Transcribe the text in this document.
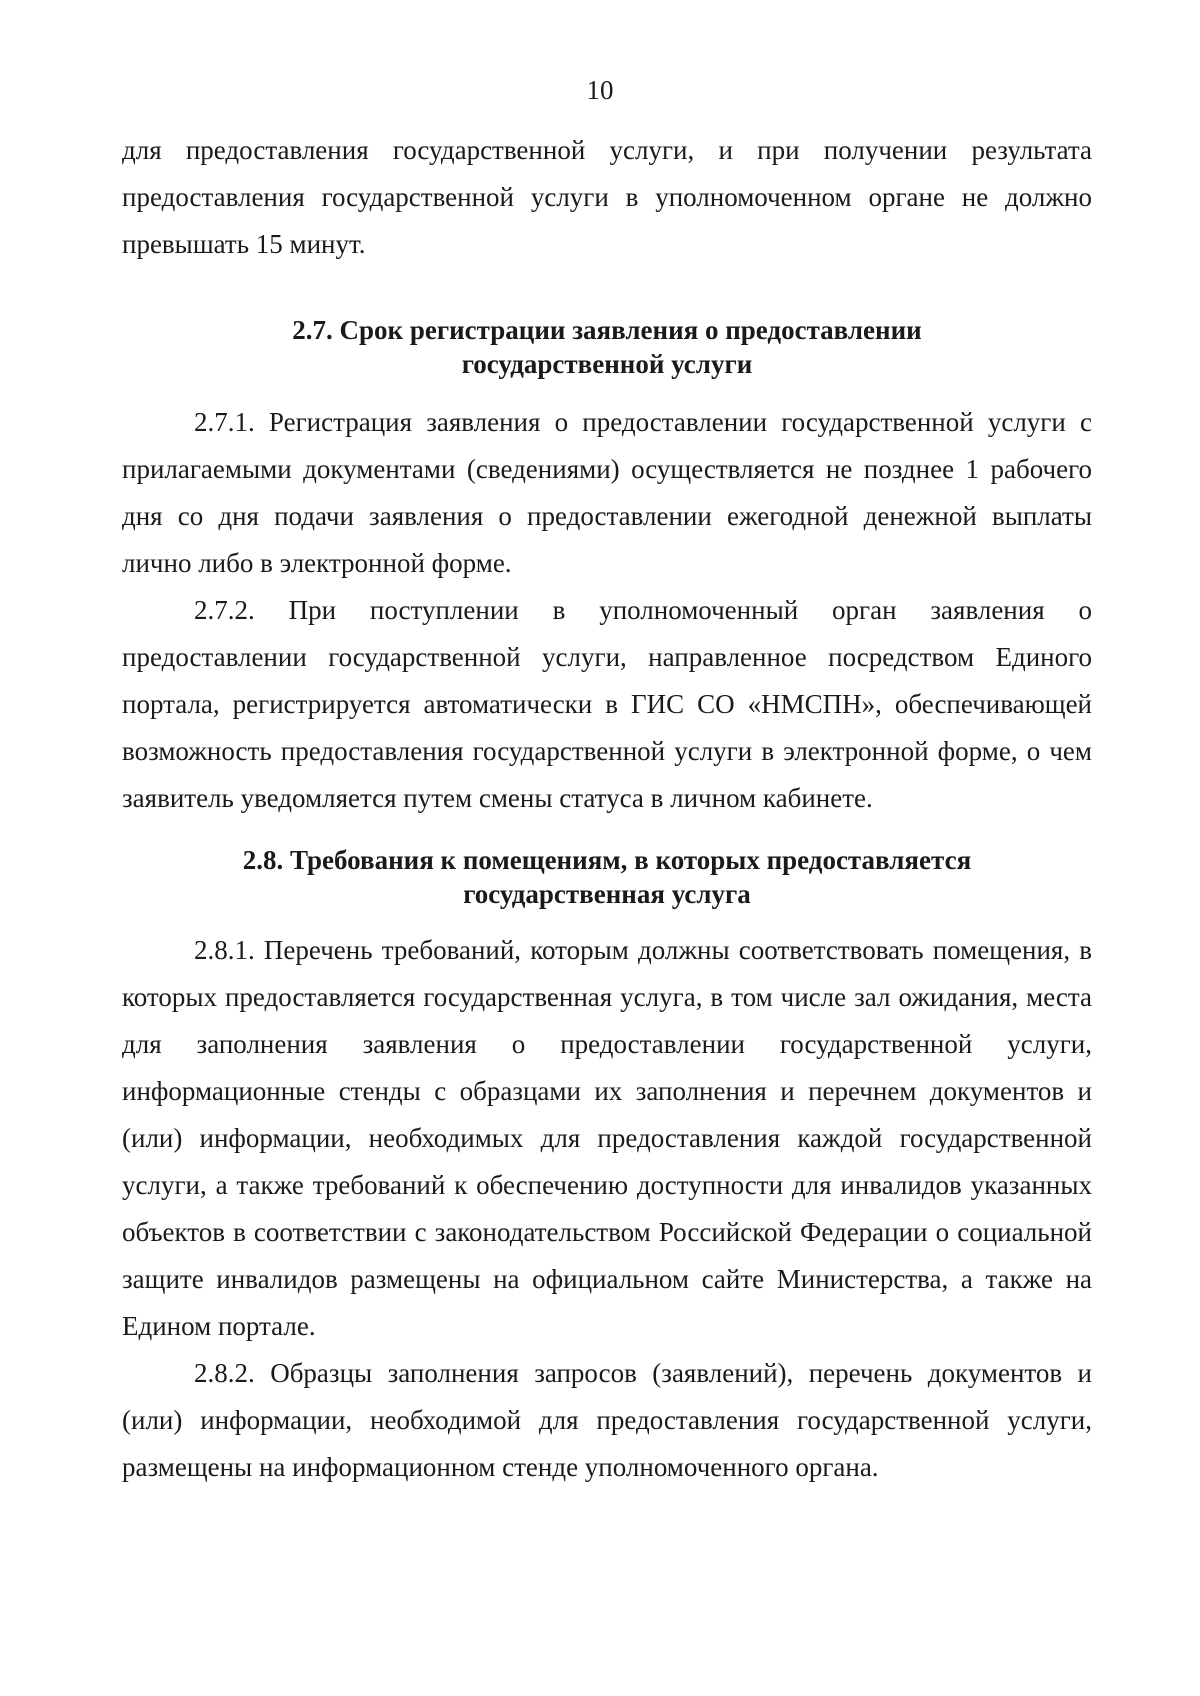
10

для предоставления государственной услуги, и при получении результата предоставления государственной услуги в уполномоченном органе не должно превышать 15 минут.

2.7. Срок регистрации заявления о предоставлении
государственной услуги

2.7.1. Регистрация заявления о предоставлении государственной услуги с прилагаемыми документами (сведениями) осуществляется не позднее 1 рабочего дня со дня подачи заявления о предоставлении ежегодной денежной выплаты лично либо в электронной форме.

2.7.2. При поступлении в уполномоченный орган заявления о предоставлении государственной услуги, направленное посредством Единого портала, регистрируется автоматически в ГИС СО «НМСПН», обеспечивающей возможность предоставления государственной услуги в электронной форме, о чем заявитель уведомляется путем смены статуса в личном кабинете.

2.8. Требования к помещениям, в которых предоставляется
государственная услуга

2.8.1. Перечень требований, которым должны соответствовать помещения, в которых предоставляется государственная услуга, в том числе зал ожидания, места для заполнения заявления о предоставлении государственной услуги, информационные стенды с образцами их заполнения и перечнем документов и (или) информации, необходимых для предоставления каждой государственной услуги, а также требований к обеспечению доступности для инвалидов указанных объектов в соответствии с законодательством Российской Федерации о социальной защите инвалидов размещены на официальном сайте Министерства, а также на Едином портале.

2.8.2. Образцы заполнения запросов (заявлений), перечень документов и (или) информации, необходимой для предоставления государственной услуги, размещены на информационном стенде уполномоченного органа.
